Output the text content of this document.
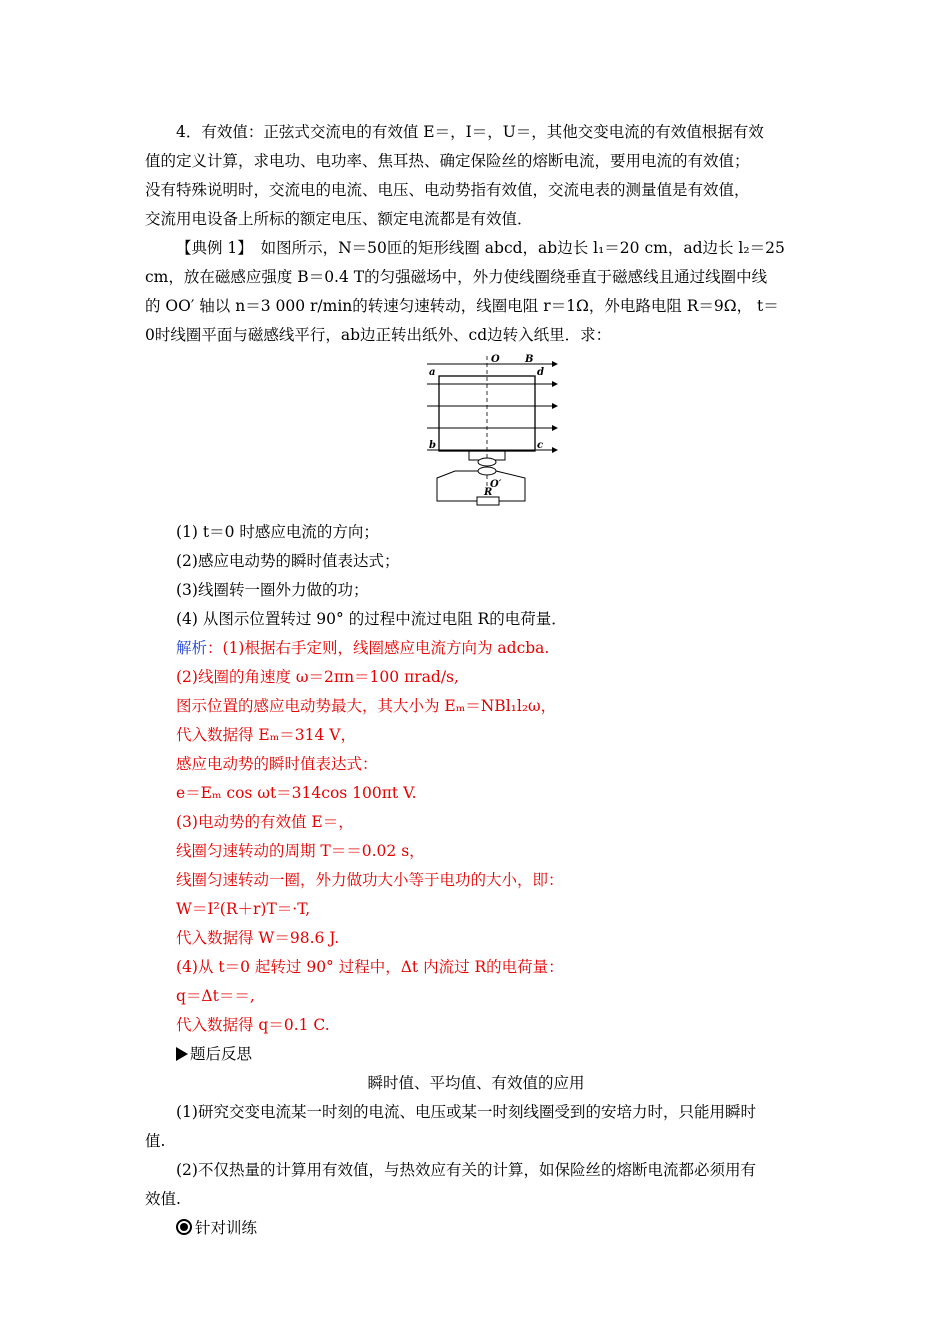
4．有效值：正弦式交流电的有效值 E＝，I＝，U＝，其他交变电流的有效值根据有效

值的定义计算，求电功、电功率、焦耳热、确定保险丝的熔断电流，要用电流的有效值；

没有特殊说明时，交流电的电流、电压、电动势指有效值，交流电表的测量值是有效值，

交流用电设备上所标的额定电压、额定电流都是有效值．

【典例 1】　 如图所示，N＝50匝的矩形线圈 abcd，ab边长 l₁＝20 cm，ad边长 l₂＝25

cm，放在磁感应强度 B＝0.4 T的匀强磁场中，外力使线圈绕垂直于磁感线且通过线圈中线

的 OO′ 轴以 n＝3 000 r/min的转速匀速转动，线圈电阻 r＝1Ω，外电路电阻 R＝9Ω， t＝

0时线圈平面与磁感线平行，ab边正转出纸外、cd边转入纸里．求：

O	B
a	d
b	c
O′
R

(1) t＝0 时感应电流的方向；

(2)感应电动势的瞬时值表达式；

(3)线圈转一圈外力做的功；

(4) 从图示位置转过 90° 的过程中流过电阻 R的电荷量．

解析：(1)根据右手定则，线圈感应电流方向为 adcba.

(2)线圈的角速度 ω＝2πn＝100 πrad/s,

图示位置的感应电动势最大，其大小为 Eₘ＝NBl₁l₂ω，

代入数据得 Eₘ＝314 V，

感应电动势的瞬时值表达式：

e＝Eₘ cos ωt＝314cos 100πt V.

(3)电动势的有效值 E＝，

线圈匀速转动的周期 T＝＝0.02 s，

线圈匀速转动一圈，外力做功大小等于电功的大小，即：

W＝I²(R＋r)T＝·T,

代入数据得 W＝98.6 J.

(4)从 t＝0 起转过 90° 过程中，Δt 内流过 R的电荷量：

q＝Δt＝＝,

代入数据得 q＝0.1 C.

题后反思

瞬时值、平均值、有效值的应用

(1)研究交变电流某一时刻的电流、电压或某一时刻线圈受到的安培力时，只能用瞬时

值.

(2)不仅热量的计算用有效值，与热效应有关的计算，如保险丝的熔断电流都必须用有

效值.

针对训练
